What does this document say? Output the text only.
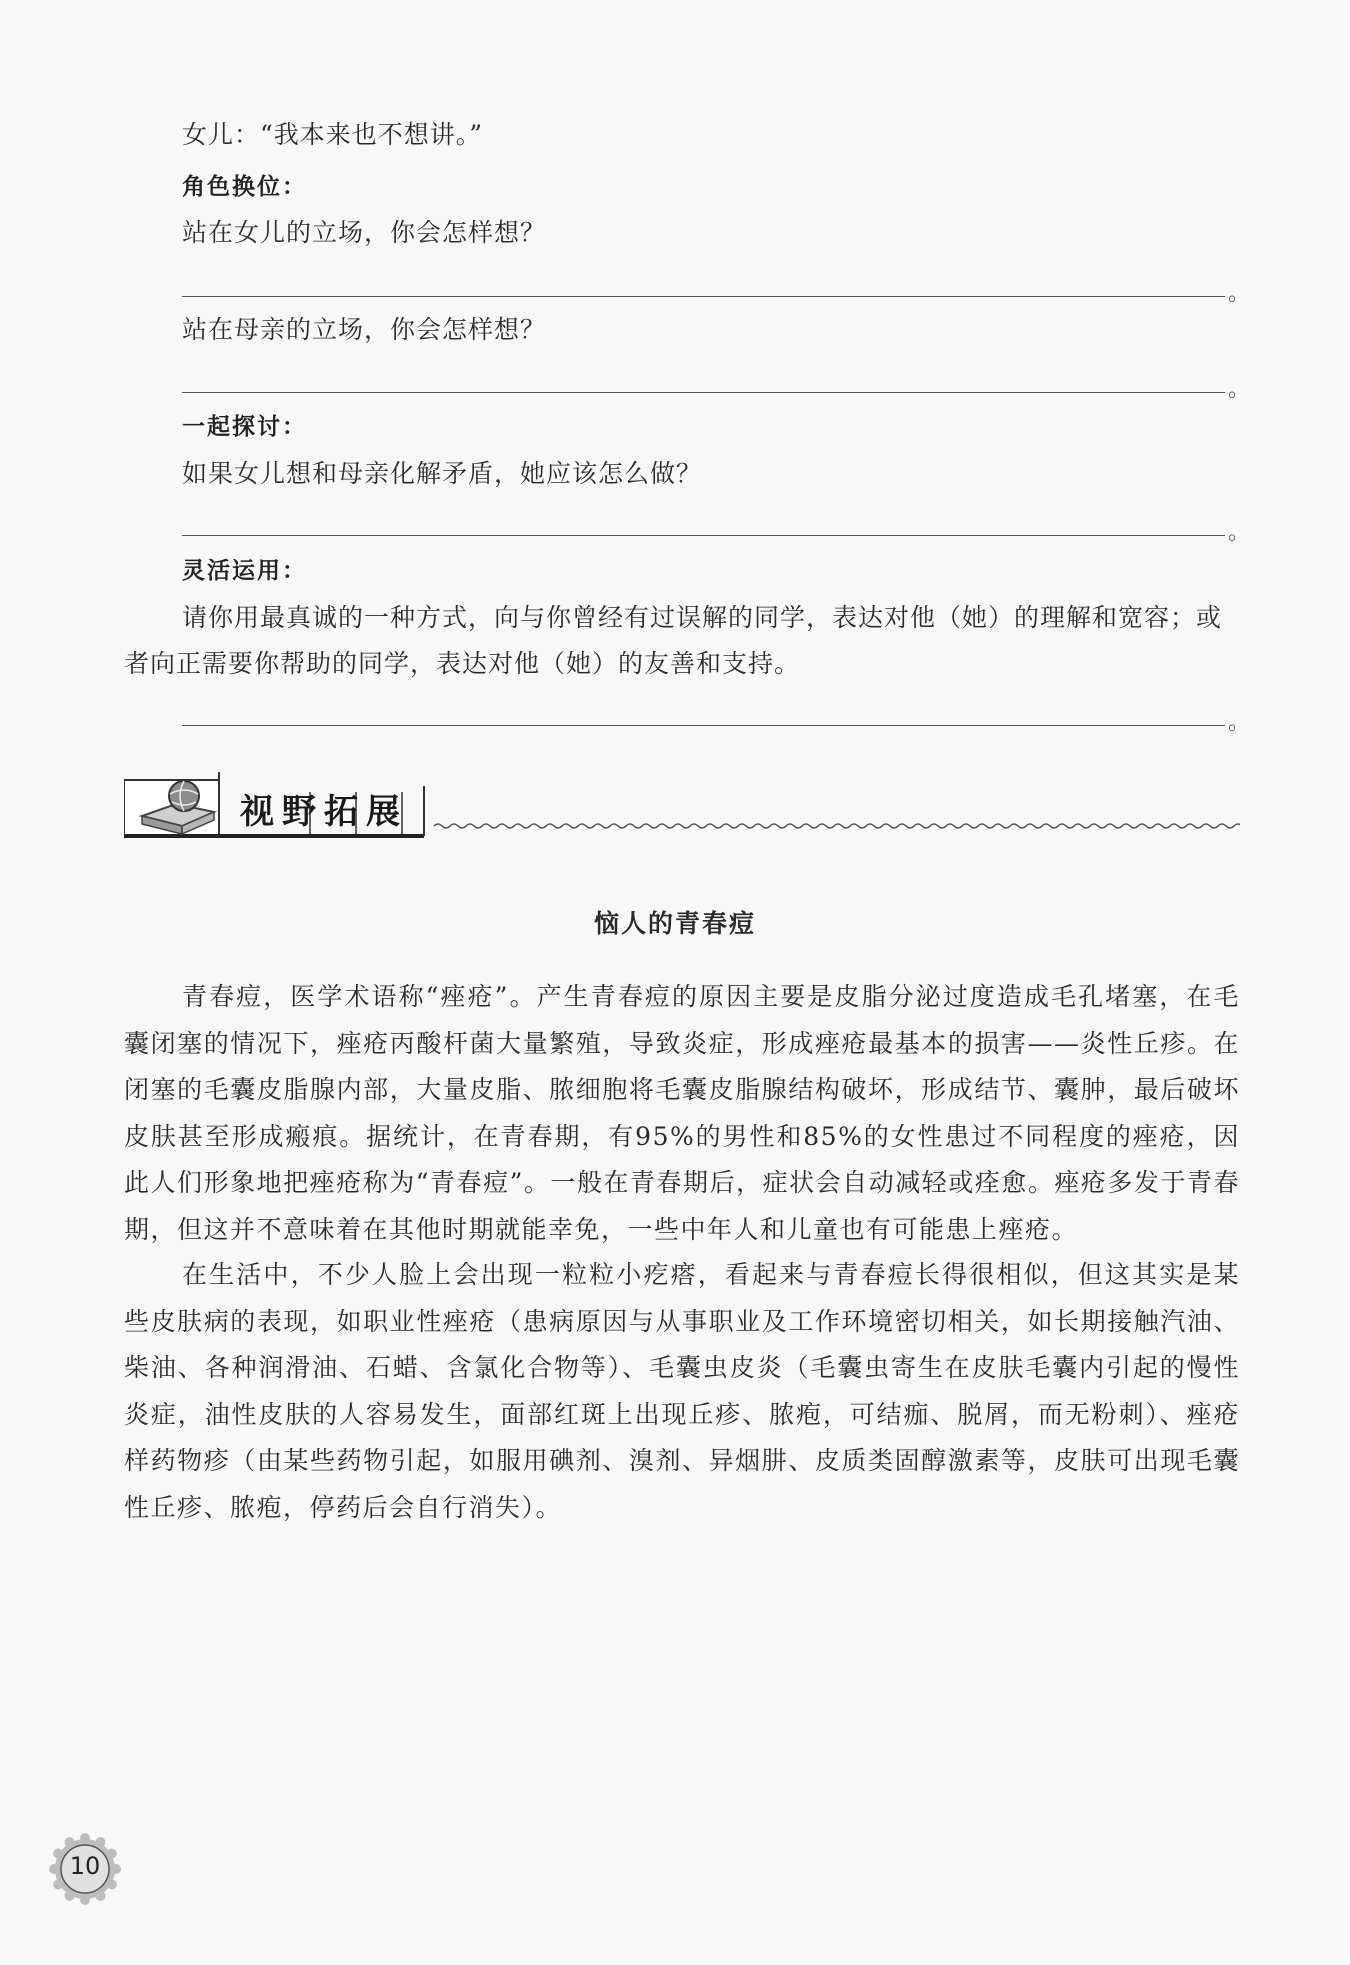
女儿：“我本来也不想讲。”
角色换位：
站在女儿的立场，你会怎样想？
。
站在母亲的立场，你会怎样想？
。
一起探讨：
如果女儿想和母亲化解矛盾，她应该怎么做？
。
灵活运用：
请你用最真诚的一种方式，向与你曾经有过误解的同学，表达对他（她）的理解和宽容；或
者向正需要你帮助的同学，表达对他（她）的友善和支持。
。
视野拓展
恼人的青春痘
青春痘，医学术语称“痤疮”。产生青春痘的原因主要是皮脂分泌过度造成毛孔堵塞，在毛囊闭塞的情况下，痤疮丙酸杆菌大量繁殖，导致炎症，形成痤疮最基本的损害——炎性丘疹。在闭塞的毛囊皮脂腺内部，大量皮脂、脓细胞将毛囊皮脂腺结构破坏，形成结节、囊肿，最后破坏皮肤甚至形成瘢痕。据统计，在青春期，有95%的男性和85%的女性患过不同程度的痤疮，因此人们形象地把痤疮称为“青春痘”。一般在青春期后，症状会自动减轻或痊愈。痤疮多发于青春期，但这并不意味着在其他时期就能幸免，一些中年人和儿童也有可能患上痤疮。
在生活中，不少人脸上会出现一粒粒小疙瘩，看起来与青春痘长得很相似，但这其实是某些皮肤病的表现，如职业性痤疮（患病原因与从事职业及工作环境密切相关，如长期接触汽油、柴油、各种润滑油、石蜡、含氯化合物等）、毛囊虫皮炎（毛囊虫寄生在皮肤毛囊内引起的慢性炎症，油性皮肤的人容易发生，面部红斑上出现丘疹、脓疱，可结痂、脱屑，而无粉刺）、痤疮样药物疹（由某些药物引起，如服用碘剂、溴剂、异烟肼、皮质类固醇激素等，皮肤可出现毛囊性丘疹、脓疱，停药后会自行消失）。
10
